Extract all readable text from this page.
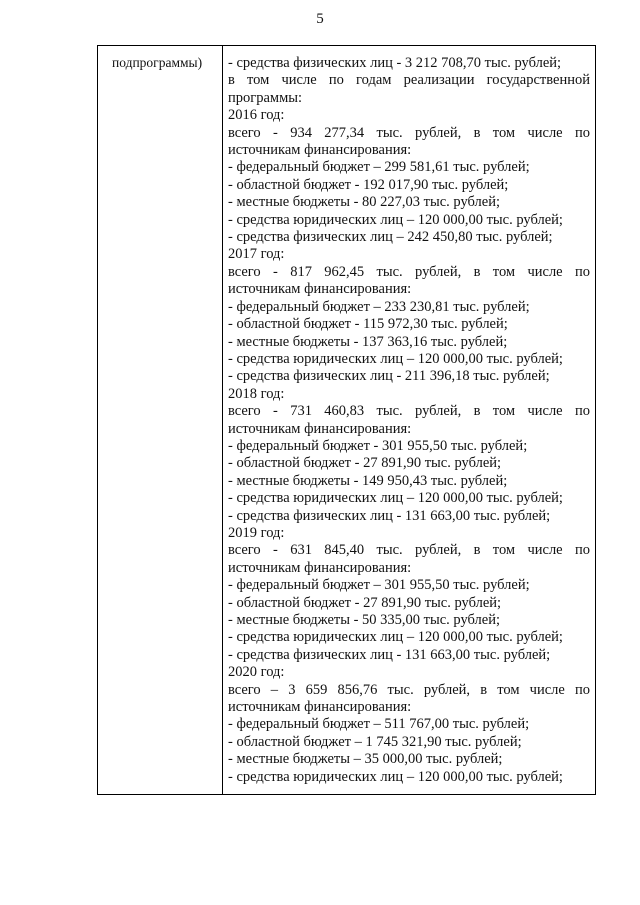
5
подпрограммы) - средства физических лиц - 3 212 708,70 тыс. рублей;
в том числе по годам реализации государственной
программы:
2016 год:
всего - 934 277,34 тыс. рублей, в том числе по
источникам финансирования:
- федеральный бюджет – 299 581,61 тыс. рублей;
- областной бюджет - 192 017,90 тыс. рублей;
- местные бюджеты - 80 227,03 тыс. рублей;
- средства юридических лиц – 120 000,00 тыс. рублей;
- средства физических лиц – 242 450,80 тыс. рублей;
2017 год:
всего - 817 962,45 тыс. рублей, в том числе по
источникам финансирования:
- федеральный бюджет – 233 230,81 тыс. рублей;
- областной бюджет - 115 972,30 тыс. рублей;
- местные бюджеты - 137 363,16 тыс. рублей;
- средства юридических лиц – 120 000,00 тыс. рублей;
- средства физических лиц - 211 396,18 тыс. рублей;
2018 год:
всего - 731 460,83 тыс. рублей, в том числе по
источникам финансирования:
- федеральный бюджет - 301 955,50 тыс. рублей;
- областной бюджет - 27 891,90 тыс. рублей;
- местные бюджеты - 149 950,43 тыс. рублей;
- средства юридических лиц – 120 000,00 тыс. рублей;
- средства физических лиц - 131 663,00 тыс. рублей;
2019 год:
всего - 631 845,40 тыс. рублей, в том числе по
источникам финансирования:
- федеральный бюджет – 301 955,50 тыс. рублей;
- областной бюджет - 27 891,90 тыс. рублей;
- местные бюджеты - 50 335,00 тыс. рублей;
- средства юридических лиц – 120 000,00 тыс. рублей;
- средства физических лиц - 131 663,00 тыс. рублей;
2020 год:
всего – 3 659 856,76 тыс. рублей, в том числе по
источникам финансирования:
- федеральный бюджет – 511 767,00 тыс. рублей;
- областной бюджет – 1 745 321,90 тыс. рублей;
- местные бюджеты – 35 000,00 тыс. рублей;
- средства юридических лиц – 120 000,00 тыс. рублей;
